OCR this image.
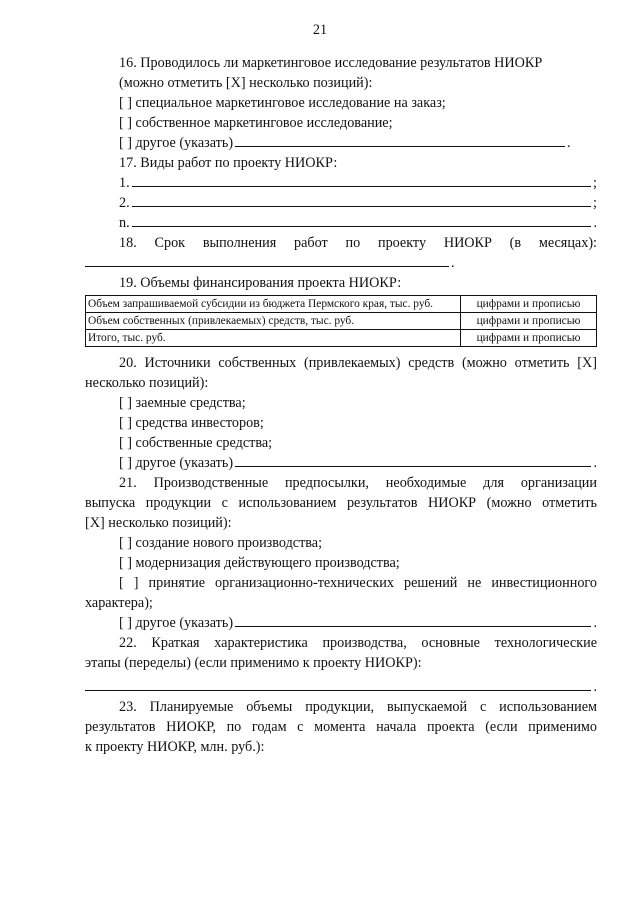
21
16. Проводилось ли маркетинговое исследование результатов НИОКР
(можно отметить [X] несколько позиций):
[ ] специальное маркетинговое исследование на заказ;
[ ] собственное маркетинговое исследование;
[ ] другое (указать)	.
17. Виды работ по проекту НИОКР:
1.	;
2.	;
n.	.
18. Срок выполнения работ по проекту НИОКР (в месяцах):
.
19. Объемы финансирования проекта НИОКР:
Объем запрашиваемой субсидии из бюджета Пермского края, тыс. руб.	цифрами и прописью
Объем собственных (привлекаемых) средств, тыс. руб.	цифрами и прописью
Итого, тыс. руб.	цифрами и прописью
20. Источники собственных (привлекаемых) средств (можно отметить [X]
несколько позиций):
[ ] заемные средства;
[ ] средства инвесторов;
[ ] собственные средства;
[ ] другое (указать)	.
21. Производственные предпосылки, необходимые для организации
выпуска продукции с использованием результатов НИОКР (можно отметить
[X] несколько позиций):
[ ] создание нового производства;
[ ] модернизация действующего производства;
[ ] принятие организационно-технических решений не инвестиционного
характера);
[ ] другое (указать)	.
22. Краткая характеристика производства, основные технологические
этапы (переделы) (если применимо к проекту НИОКР):
.
23. Планируемые объемы продукции, выпускаемой с использованием
результатов НИОКР, по годам с момента начала проекта (если применимо
к проекту НИОКР, млн. руб.):
